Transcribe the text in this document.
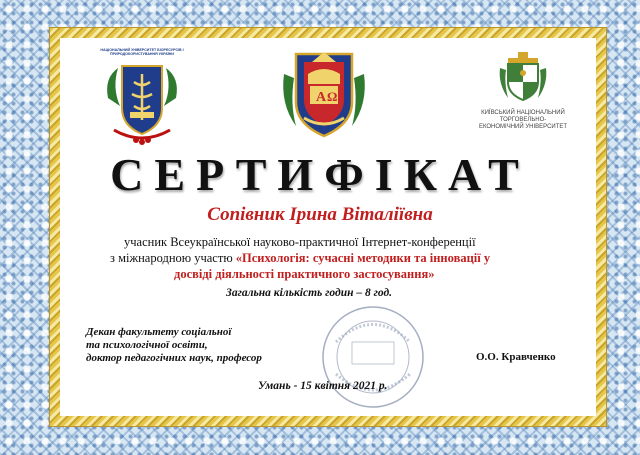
НАЦІОНАЛЬНИЙ УНІВЕРСИТЕТ БІОРЕСУРСІВ І ПРИРОДОКОРИСТУВАННЯ УКРАЇНИ
A Ω
КИЇВСЬКИЙ НАЦІОНАЛЬНИЙ ТОРГОВЕЛЬНО-ЕКОНОМІЧНИЙ УНІВЕРСИТЕТ
СЕРТИФІКАТ
Сопівник Ірина Віталіївна
учасник Всеукраїнської науково-практичної Інтернет-конференції
з міжнародною участю «Психологія: сучасні методики та інновації у
досвіді діяльності практичного застосування»
Загальна кількість годин – 8 год.
Декан факультету соціальної
та психологічної освіти,
доктор педагогічних наук, професор	О.О. Кравченко
Умань - 15 квітня 2021 р.
